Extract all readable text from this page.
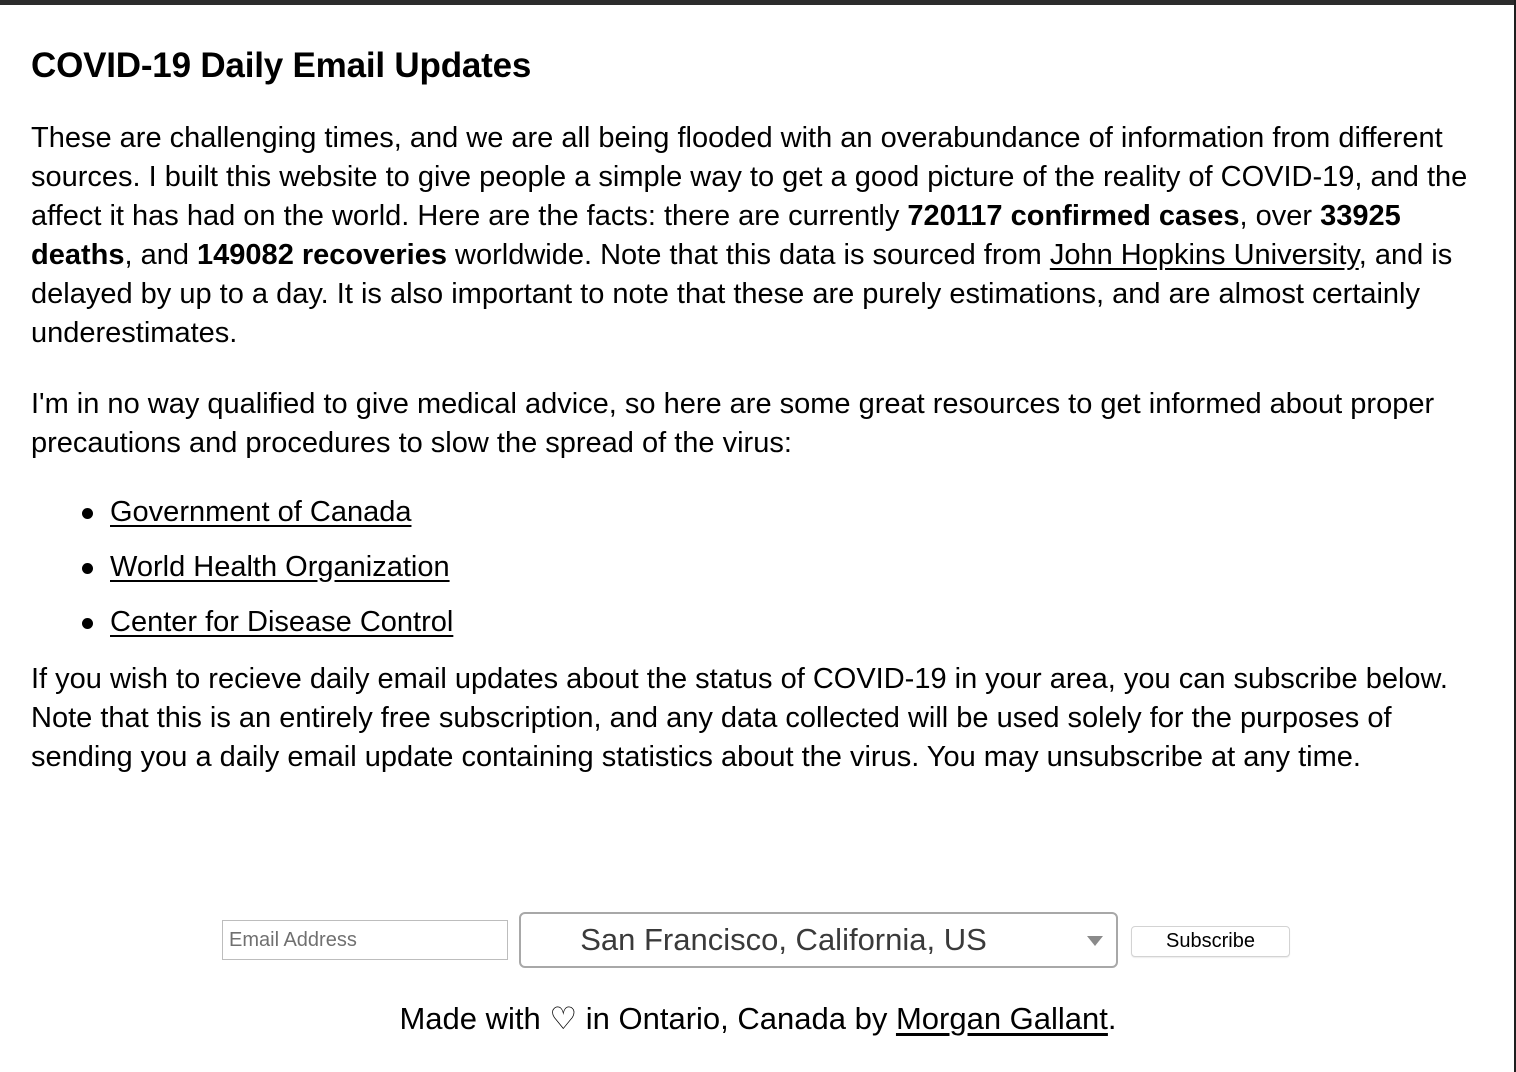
COVID-19 Daily Email Updates

These are challenging times, and we are all being flooded with an overabundance of information from different sources. I built this website to give people a simple way to get a good picture of the reality of COVID-19, and the affect it has had on the world. Here are the facts: there are currently 720117 confirmed cases, over 33925 deaths, and 149082 recoveries worldwide. Note that this data is sourced from John Hopkins University, and is delayed by up to a day. It is also important to note that these are purely estimations, and are almost certainly underestimates.

I'm in no way qualified to give medical advice, so here are some great resources to get informed about proper precautions and procedures to slow the spread of the virus:

Government of Canada
World Health Organization
Center for Disease Control

If you wish to recieve daily email updates about the status of COVID-19 in your area, you can subscribe below. Note that this is an entirely free subscription, and any data collected will be used solely for the purposes of sending you a daily email update containing statistics about the virus. You may unsubscribe at any time.

Email Address
San Francisco, California, US	Subscribe
Made with ♡ in Ontario, Canada by Morgan Gallant.
